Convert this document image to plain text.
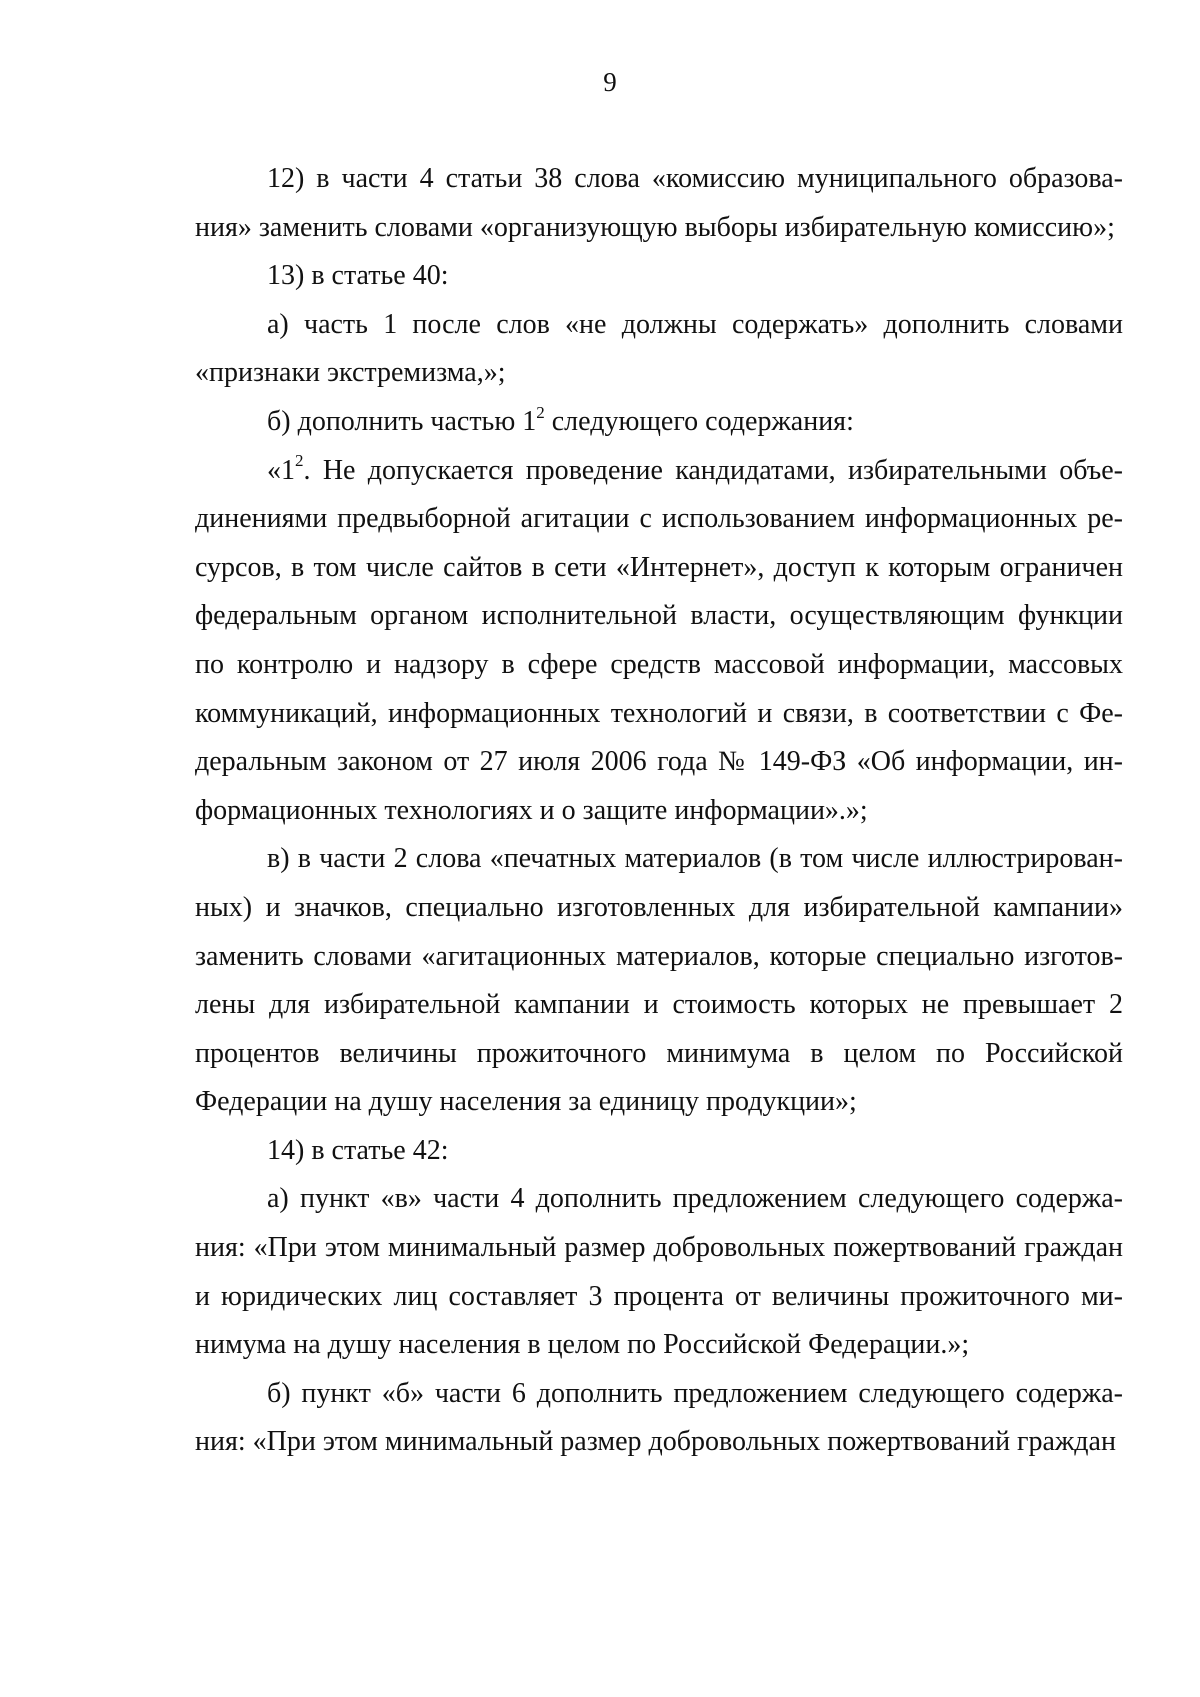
9

12) в части 4 статьи 38 слова «комиссию муниципального образования» заменить словами «организующую выборы избирательную комиссию»;

13) в статье 40:

а) часть 1 после слов «не должны содержать» дополнить словами «признаки экстремизма,»;

б) дополнить частью $1^2$ следующего содержания:

«$1^2$. Не допускается проведение кандидатами, избирательными объединениями предвыборной агитации с использованием информационных ресурсов, в том числе сайтов в сети «Интернет», доступ к которым ограничен федеральным органом исполнительной власти, осуществляющим функции по контролю и надзору в сфере средств массовой информации, массовых коммуникаций, информационных технологий и связи, в соответствии с Федеральным законом от 27 июля 2006 года № 149-ФЗ «Об информации, информационных технологиях и о защите информации».»;

в) в части 2 слова «печатных материалов (в том числе иллюстрированных) и значков, специально изготовленных для избирательной кампании» заменить словами «агитационных материалов, которые специально изготовлены для избирательной кампании и стоимость которых не превышает 2 процентов величины прожиточного минимума в целом по Российской Федерации на душу населения за единицу продукции»;

14) в статье 42:

а) пункт «в» части 4 дополнить предложением следующего содержания: «При этом минимальный размер добровольных пожертвований граждан и юридических лиц составляет 3 процента от величины прожиточного минимума на душу населения в целом по Российской Федерации.»;

б) пункт «б» части 6 дополнить предложением следующего содержания: «При этом минимальный размер добровольных пожертвований граждан
